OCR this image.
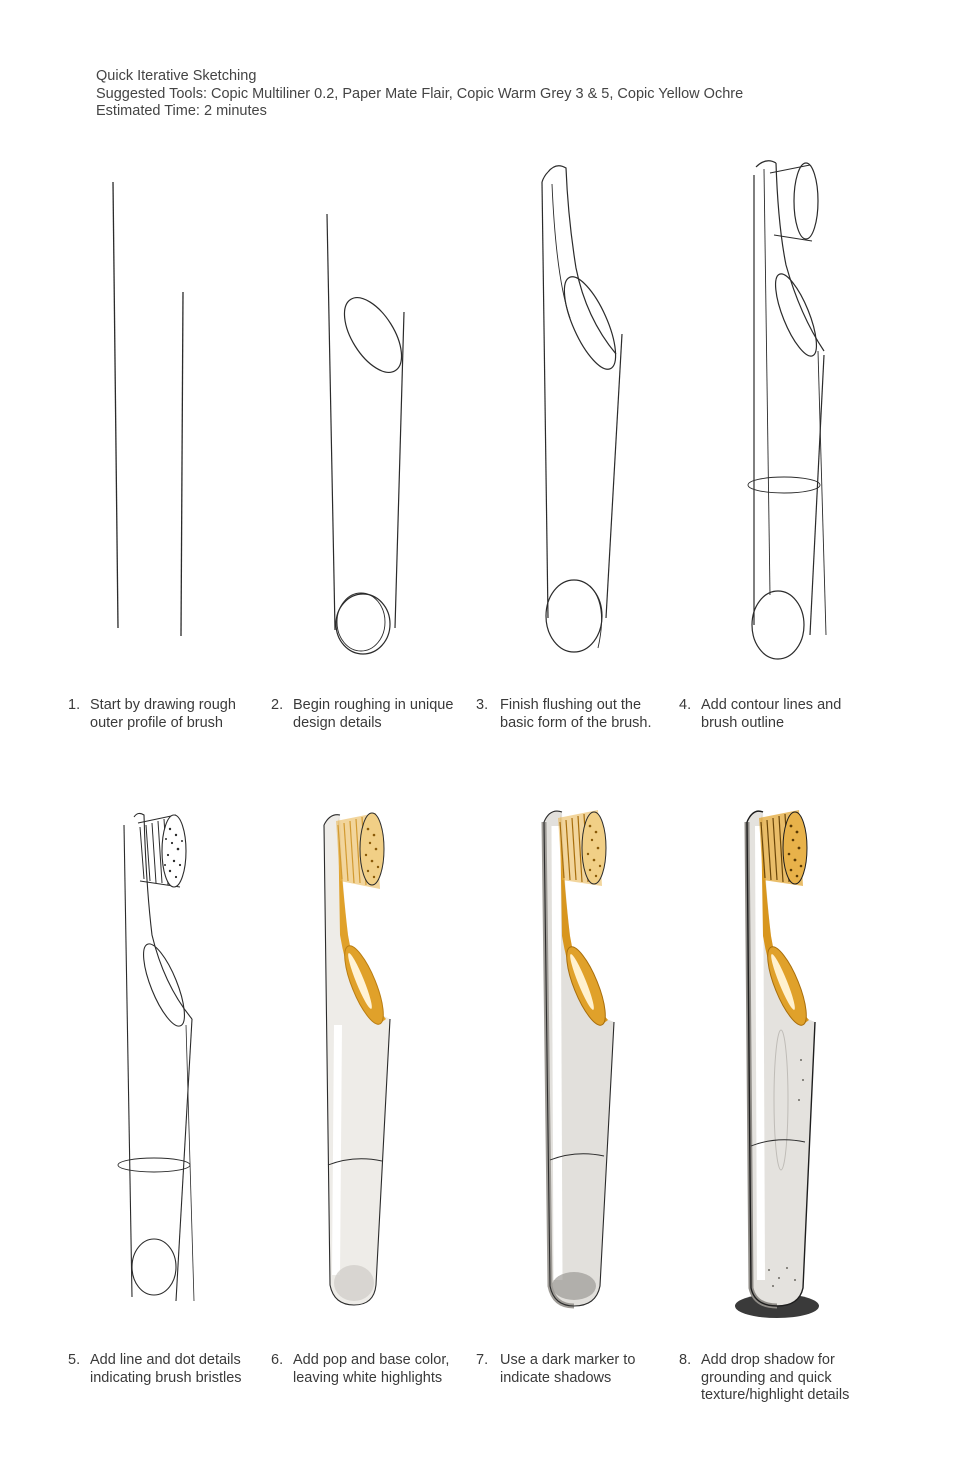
Quick Iterative Sketching
Suggested Tools: Copic Multiliner 0.2, Paper Mate Flair, Copic Warm Grey 3 & 5, Copic Yellow Ochre
Estimated Time: 2 minutes
1. Start by drawing rough
outer profile of brush
2. Begin roughing in unique
design details
3. Finish flushing out the
basic form of the brush.
4. Add contour lines and
brush outline
5. Add line and dot details
indicating brush bristles
6. Add pop and base color,
leaving white highlights
7. Use a dark marker to
indicate shadows
8. Add drop shadow for
grounding and quick
texture/highlight details
